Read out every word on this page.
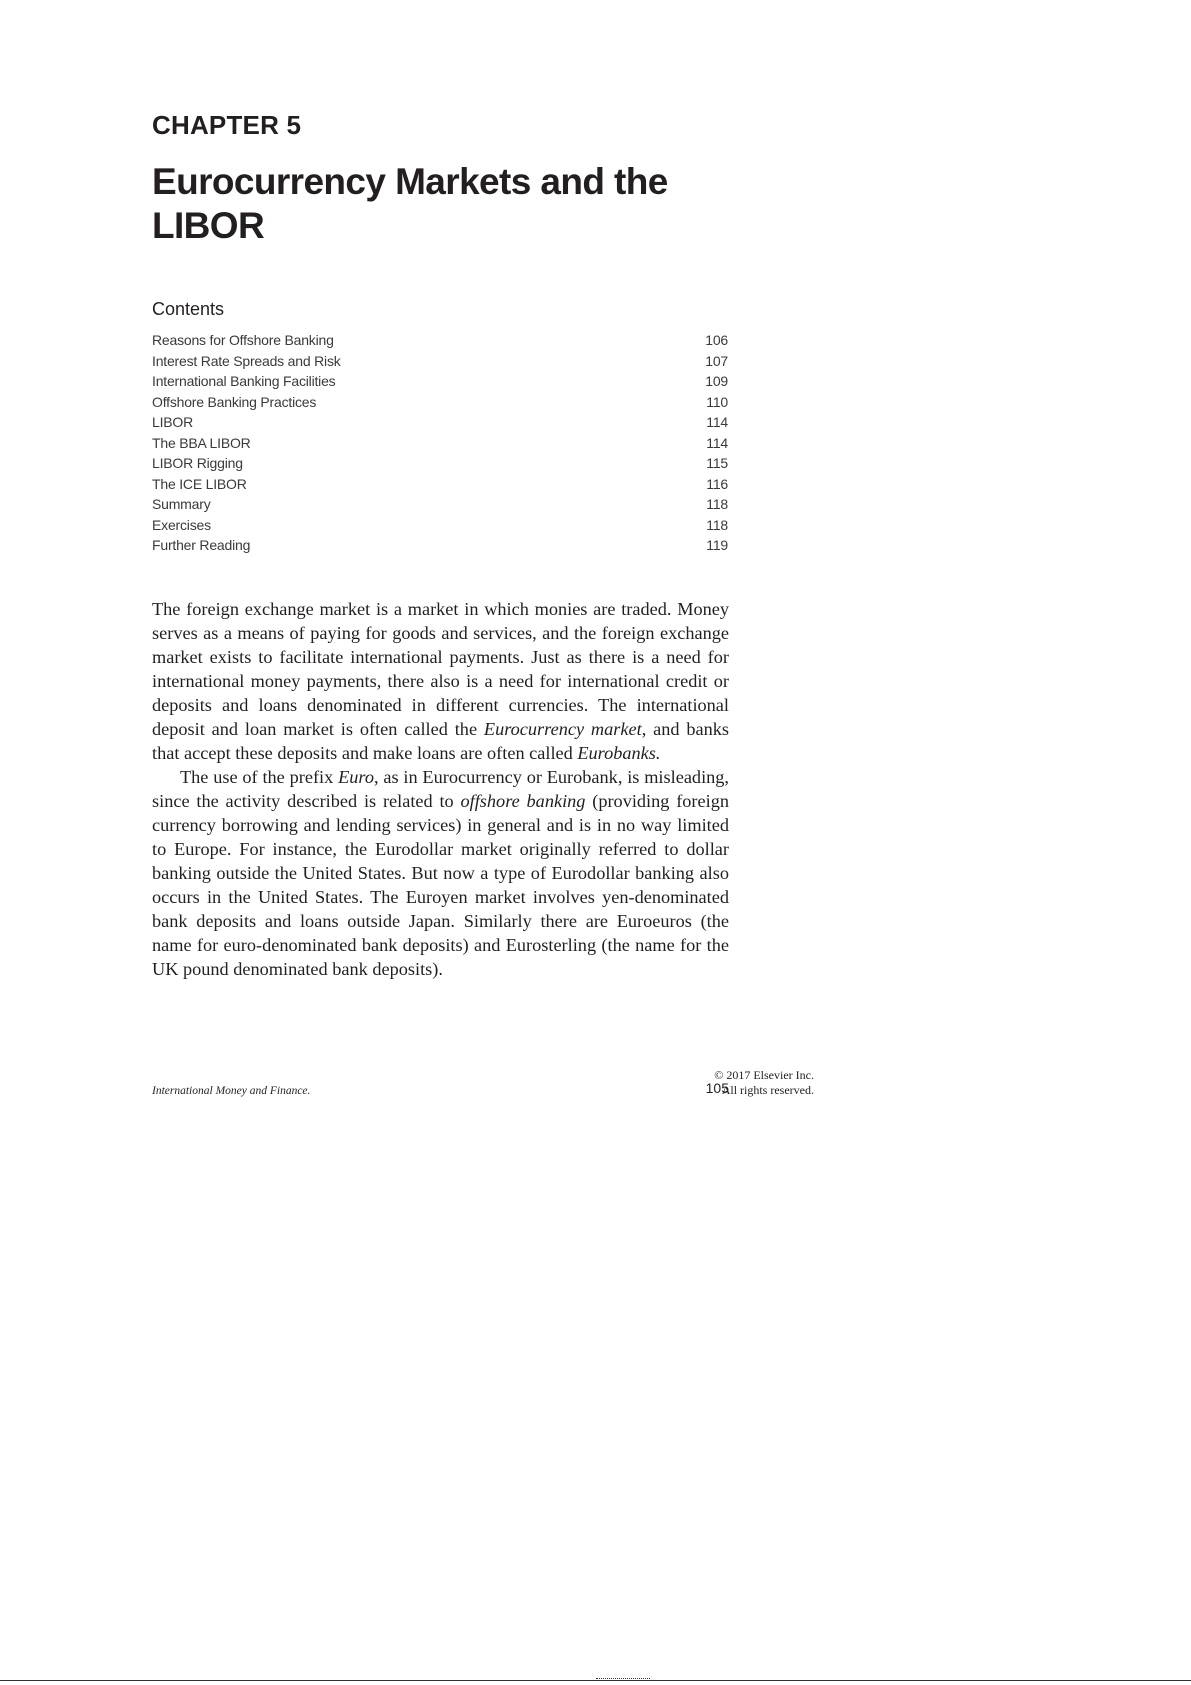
CHAPTER 5
Eurocurrency Markets and the LIBOR
Contents
Reasons for Offshore Banking	106
Interest Rate Spreads and Risk	107
International Banking Facilities	109
Offshore Banking Practices	110
LIBOR	114
The BBA LIBOR	114
LIBOR Rigging	115
The ICE LIBOR	116
Summary	118
Exercises	118
Further Reading	119

The foreign exchange market is a market in which monies are traded. Money serves as a means of paying for goods and services, and the foreign exchange market exists to facilitate international payments. Just as there is a need for international money payments, there also is a need for international credit or deposits and loans denominated in different currencies. The international deposit and loan market is often called the Eurocurrency market, and banks that accept these deposits and make loans are often called Eurobanks.

The use of the prefix Euro, as in Eurocurrency or Eurobank, is misleading, since the activity described is related to offshore banking (providing foreign currency borrowing and lending services) in general and is in no way limited to Europe. For instance, the Eurodollar market originally referred to dollar banking outside the United States. But now a type of Eurodollar banking also occurs in the United States. The Euroyen market involves yen-denominated bank deposits and loans outside Japan. Similarly there are Euroeuros (the name for euro-denominated bank deposits) and Eurosterling (the name for the UK pound denominated bank deposits).

International Money and Finance.
© 2017 Elsevier Inc.
All rights reserved.
105
